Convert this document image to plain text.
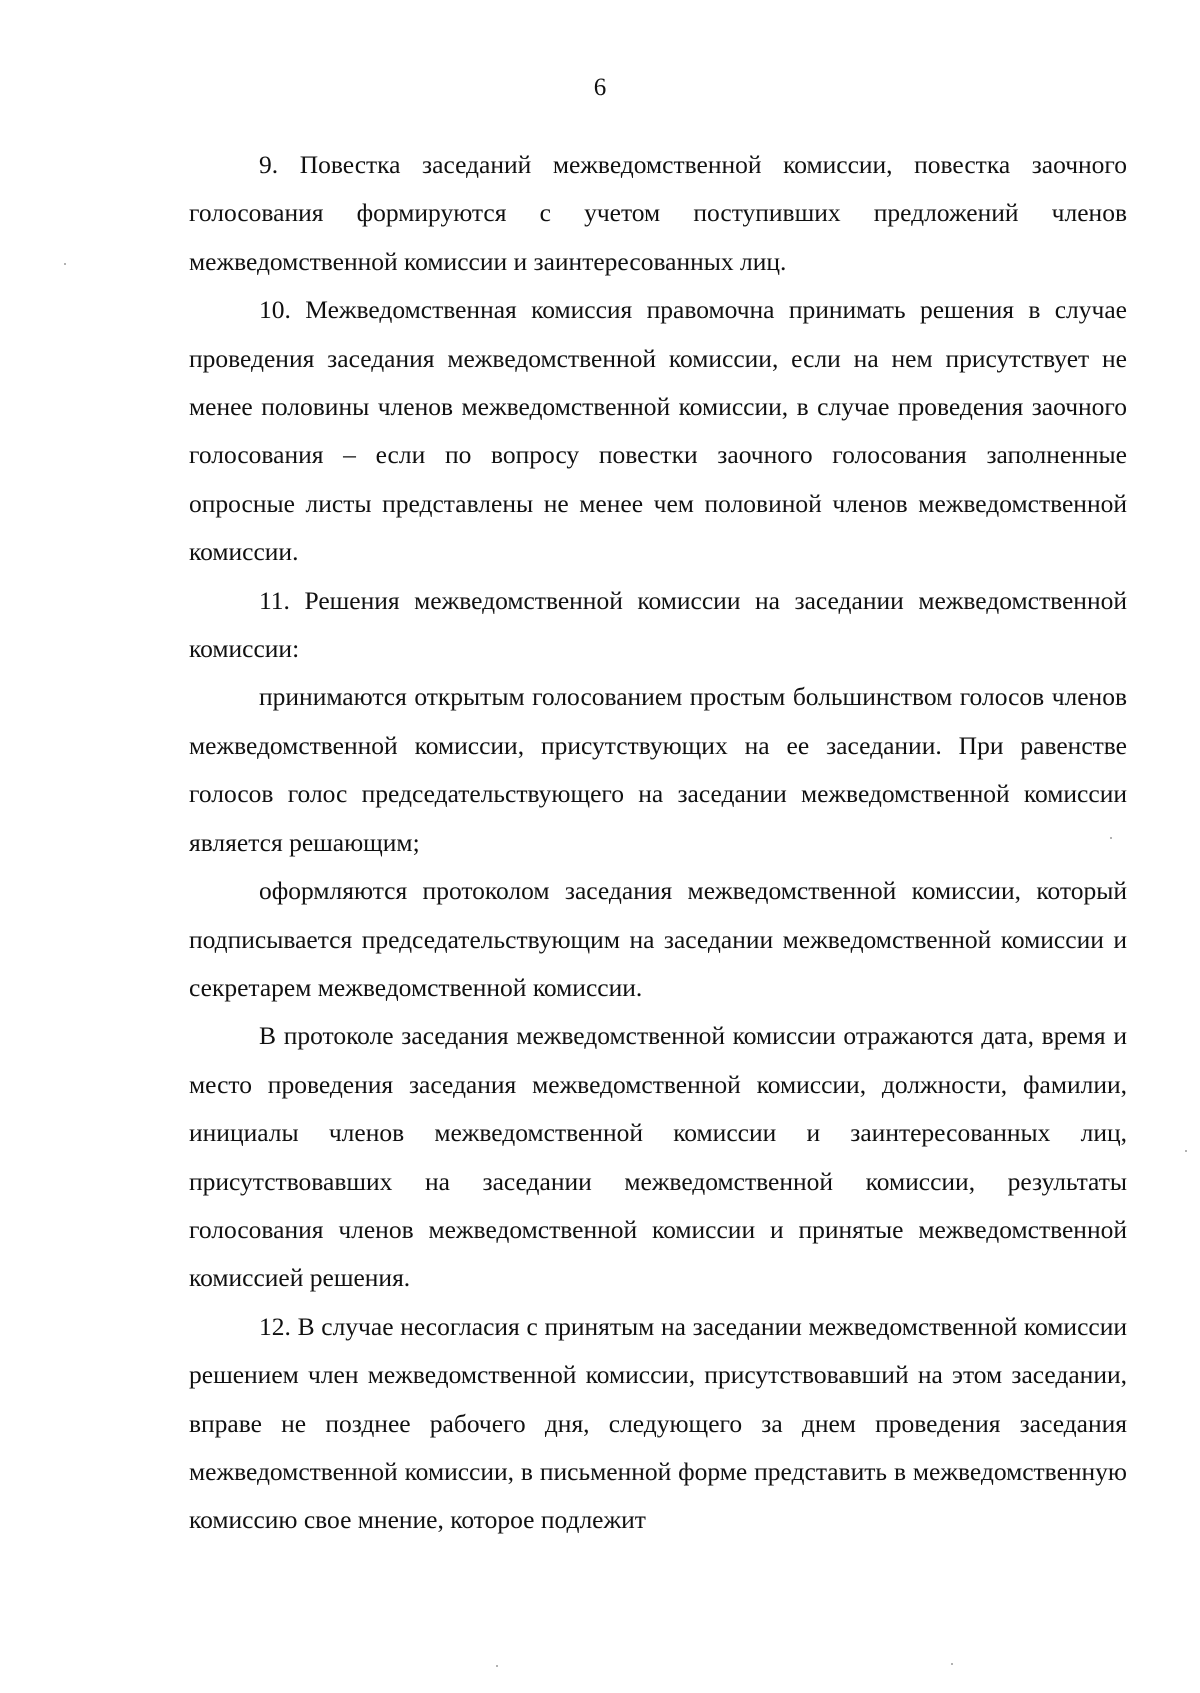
6

9. Повестка заседаний межведомственной комиссии, повестка заочного голосования формируются с учетом поступивших предложений членов межведомственной комиссии и заинтересованных лиц.

10. Межведомственная комиссия правомочна принимать решения в случае проведения заседания межведомственной комиссии, если на нем присутствует не менее половины членов межведомственной комиссии, в случае проведения заочного голосования – если по вопросу повестки заочного голосования заполненные опросные листы представлены не менее чем половиной членов межведомственной комиссии.

11. Решения межведомственной комиссии на заседании межведомственной комиссии:

принимаются открытым голосованием простым большинством голосов членов межведомственной комиссии, присутствующих на ее заседании. При равенстве голосов голос председательствующего на заседании межведомственной комиссии является решающим;

оформляются протоколом заседания межведомственной комиссии, который подписывается председательствующим на заседании межведомственной комиссии и секретарем межведомственной комиссии.

В протоколе заседания межведомственной комиссии отражаются дата, время и место проведения заседания межведомственной комиссии, должности, фамилии, инициалы членов межведомственной комиссии и заинтересованных лиц, присутствовавших на заседании межведомственной комиссии, результаты голосования членов межведомственной комиссии и принятые межведомственной комиссией решения.

12. В случае несогласия с принятым на заседании межведомственной комиссии решением член межведомственной комиссии, присутствовавший на этом заседании, вправе не позднее рабочего дня, следующего за днем проведения заседания межведомственной комиссии, в письменной форме представить в межведомственную комиссию свое мнение, которое подлежит
